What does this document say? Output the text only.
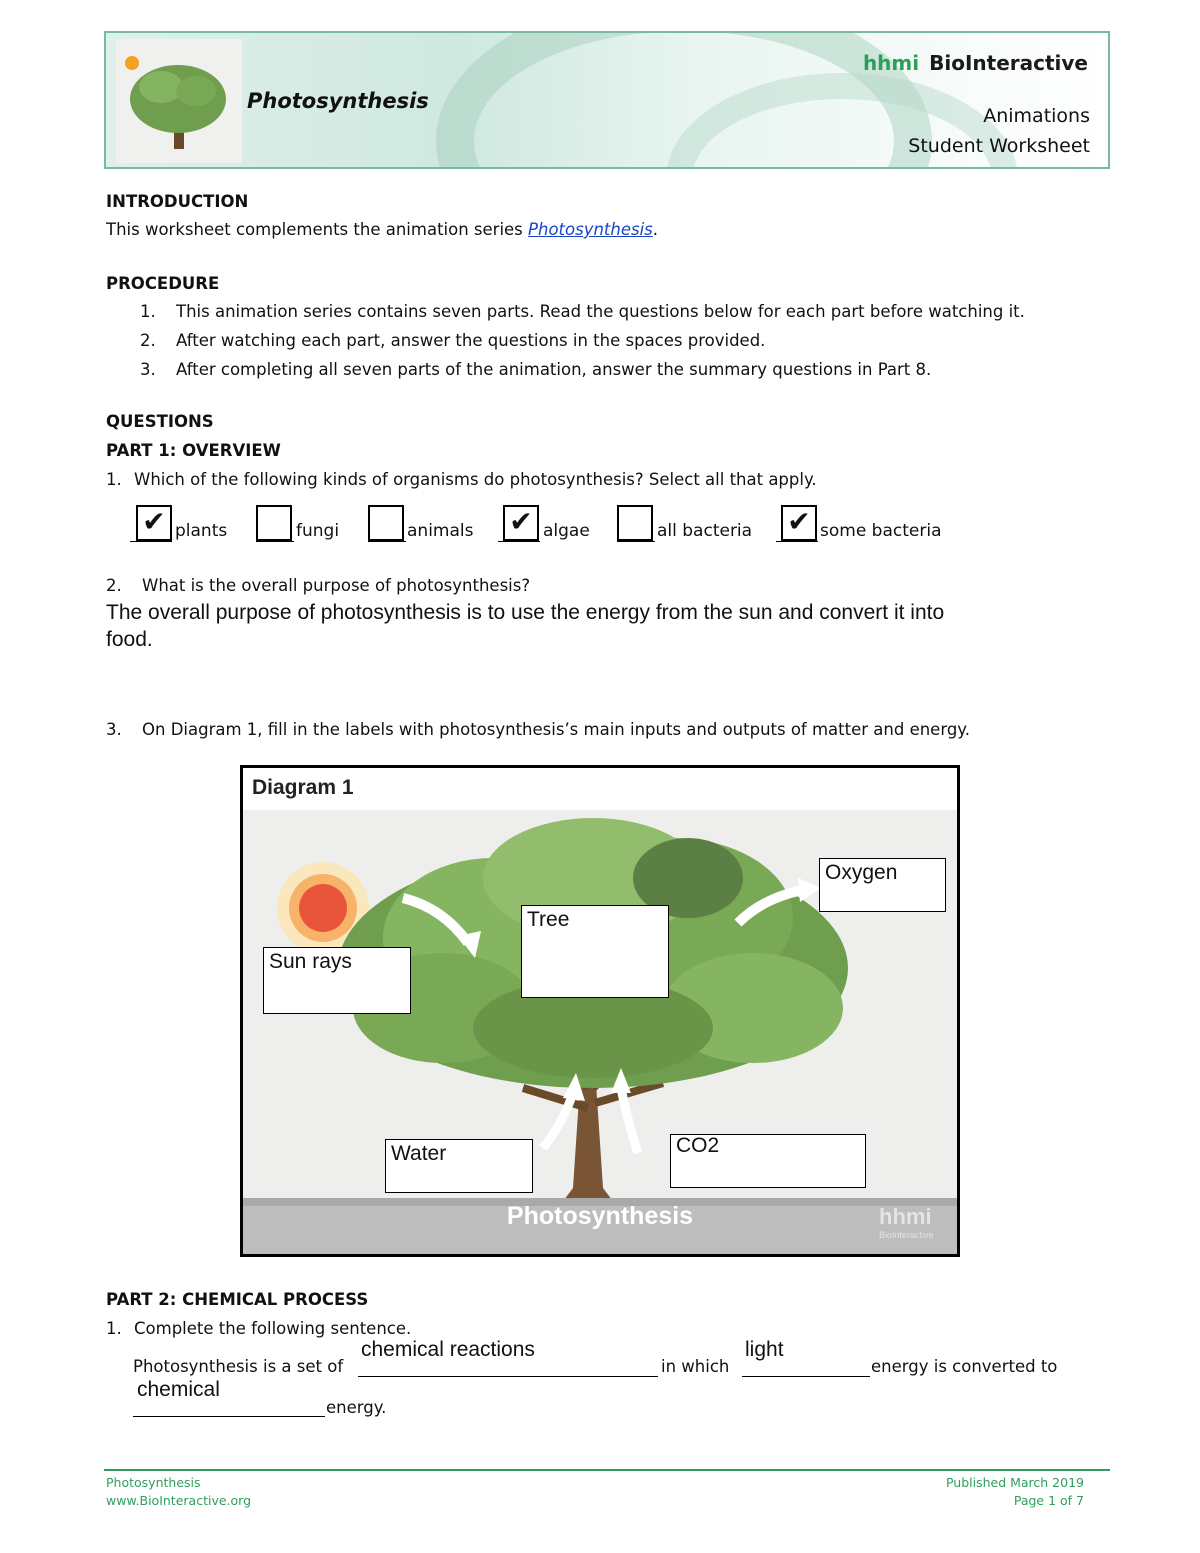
Photosynthesis
hhmi BioInteractive
Animations
Student Worksheet
INTRODUCTION
This worksheet complements the animation series Photosynthesis.
PROCEDURE
1. This animation series contains seven parts. Read the questions below for each part before watching it.
2. After watching each part, answer the questions in the spaces provided.
3. After completing all seven parts of the animation, answer the summary questions in Part 8.
QUESTIONS
PART 1: OVERVIEW
1. Which of the following kinds of organisms do photosynthesis? Select all that apply.
✔ plants	fungi	animals ✔ algae	all bacteria ✔ some bacteria
2. What is the overall purpose of photosynthesis?
The overall purpose of photosynthesis is to use the energy from the sun and convert it into
food.
3. On Diagram 1, fill in the labels with photosynthesis’s main inputs and outputs of matter and energy.
Diagram 1
Photosynthesis	hhmi
BioInteractive
Sun rays
Tree
Oxygen
Water	CO2
PART 2: CHEMICAL PROCESS
1. Complete the following sentence.
Photosynthesis is a set of
chemical reactions
in which
light
energy is converted to
chemical
energy.
Photosynthesis
www.BioInteractive.org
Published March 2019
Page 1 of 7
